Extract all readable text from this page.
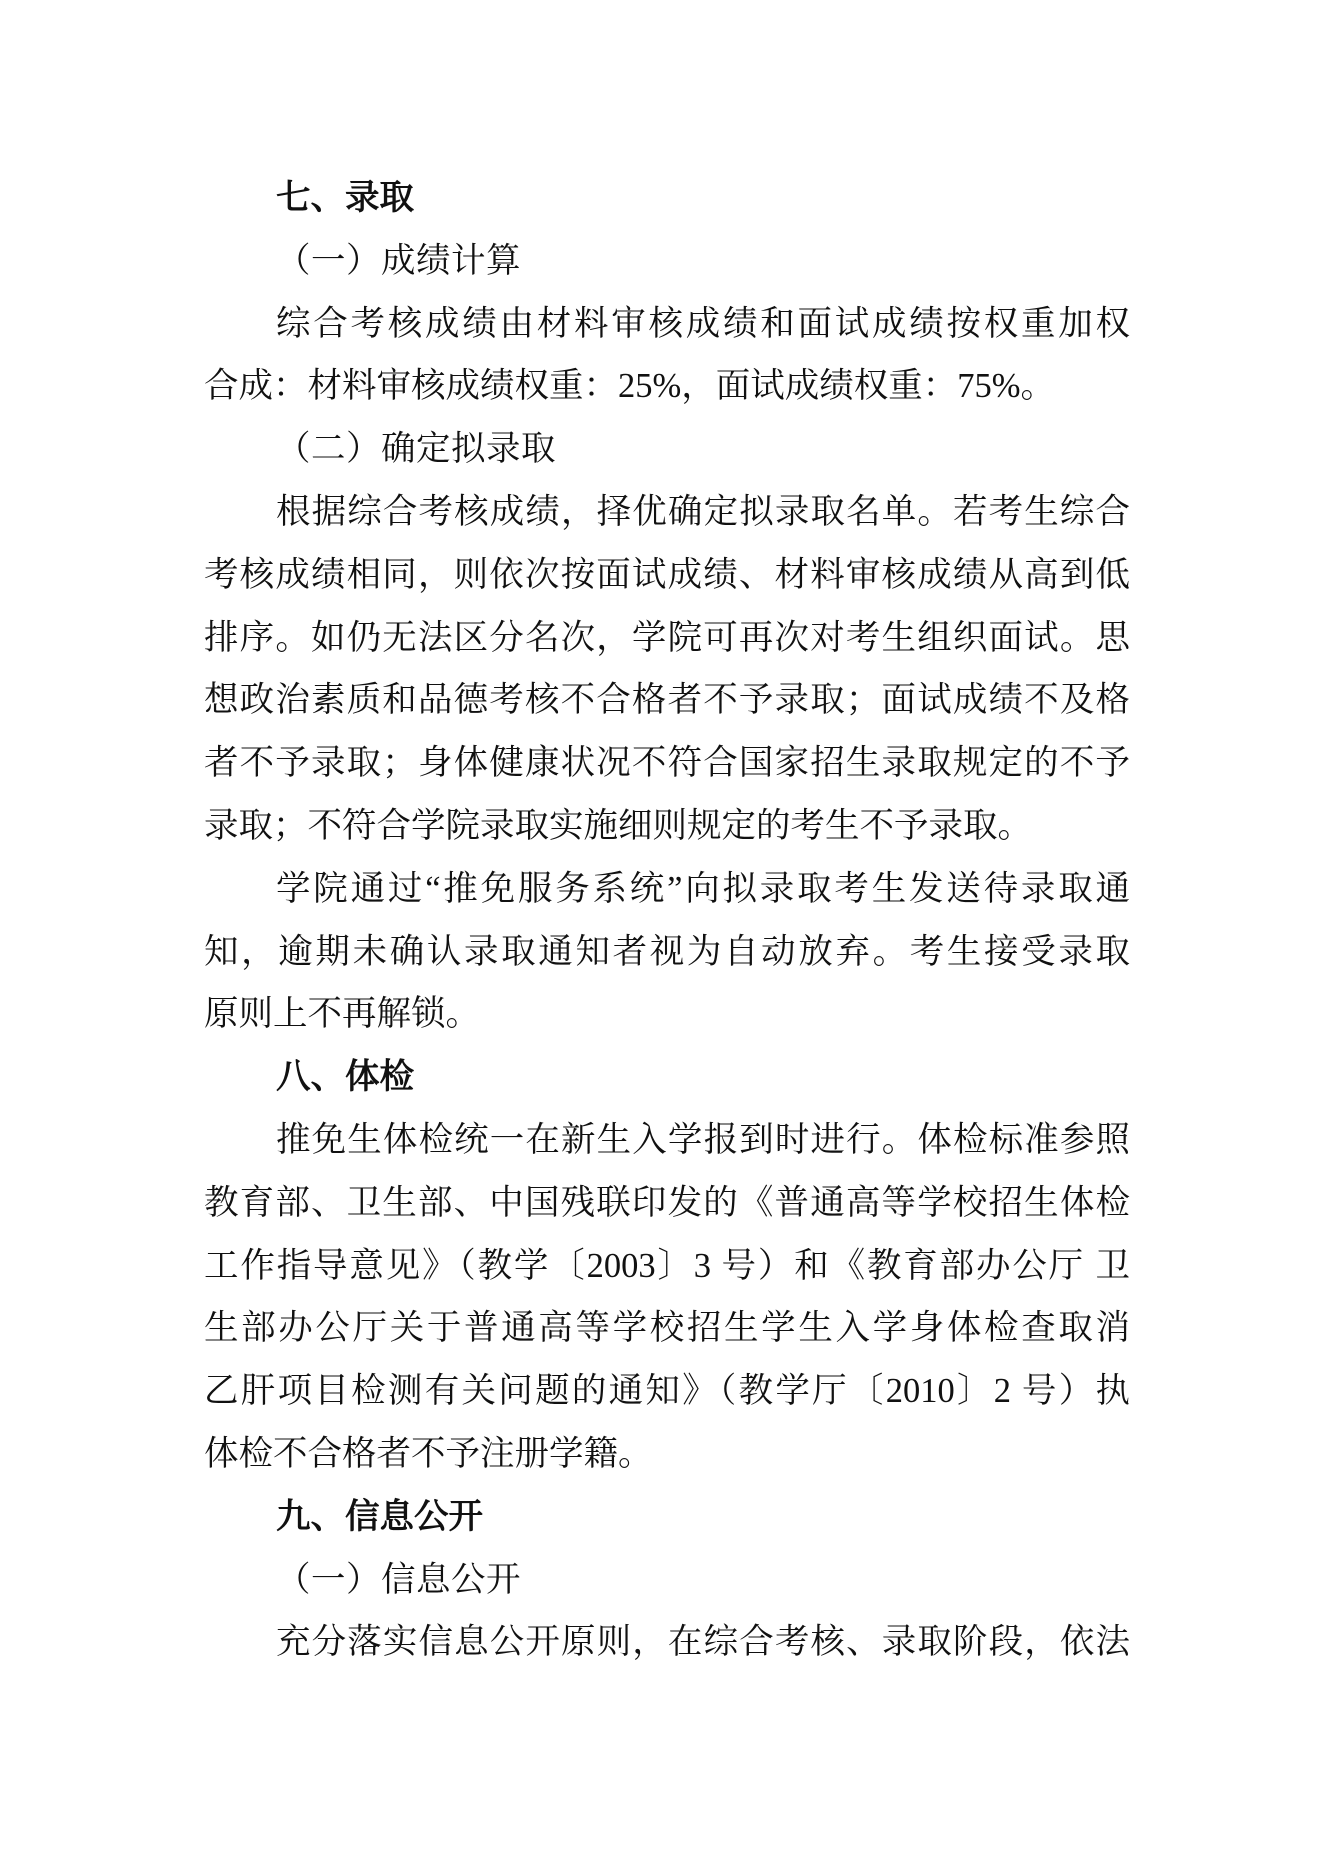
七、录取
（一）成绩计算
综合考核成绩由材料审核成绩和面试成绩按权重加权
合成：材料审核成绩权重：25%，面试成绩权重：75%。
（二）确定拟录取
根据综合考核成绩，择优确定拟录取名单。若考生综合
考核成绩相同，则依次按面试成绩、材料审核成绩从高到低
排序。如仍无法区分名次，学院可再次对考生组织面试。思
想政治素质和品德考核不合格者不予录取；面试成绩不及格
者不予录取；身体健康状况不符合国家招生录取规定的不予
录取；不符合学院录取实施细则规定的考生不予录取。
学院通过“推免服务系统”向拟录取考生发送待录取通
知，逾期未确认录取通知者视为自动放弃。考生接受录取
原则上不再解锁。
八、体检
推免生体检统一在新生入学报到时进行。体检标准参照
教育部、卫生部、中国残联印发的《普通高等学校招生体检
工作指导意见》（教学〔2003〕3 号）和《教育部办公厅 卫
生部办公厅关于普通高等学校招生学生入学身体检查取消
乙肝项目检测有关问题的通知》（教学厅〔2010〕2 号）执
体检不合格者不予注册学籍。
九、信息公开
（一）信息公开
充分落实信息公开原则，在综合考核、录取阶段，依法
